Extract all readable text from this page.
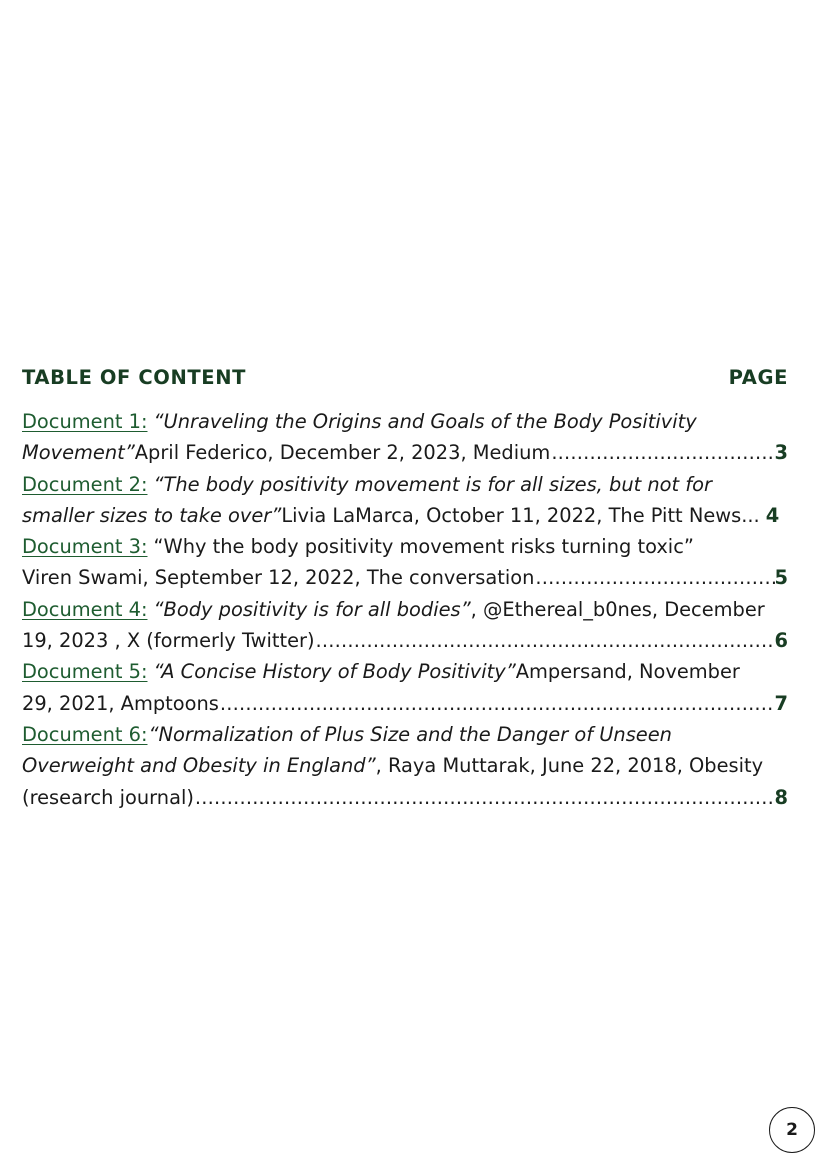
TABLE OF CONTENT	PAGE
Document 1: “Unraveling the Origins and Goals of the Body Positivity
Movement” April Federico, December 2, 2023, Medium .....	3
Document 2: “The body positivity movement is for all sizes, but not for
smaller sizes to take over” Livia LaMarca, October 11, 2022, The Pitt News... 4
Document 3: “Why the body positivity movement risks turning toxic”
Viren Swami, September 12, 2022, The conversation .....	5
Document 4: “Body positivity is for all bodies” , @Ethereal_b0nes, December
19, 2023 , X (formerly Twitter) .....	6
Document 5: “A Concise History of Body Positivity” Ampersand, November
29, 2021, Amptoons .....	7
Document 6: “Normalization of Plus Size and the Danger of Unseen
Overweight and Obesity in England” , Raya Muttarak, June 22, 2018, Obesity
(research journal) .....	8
2
